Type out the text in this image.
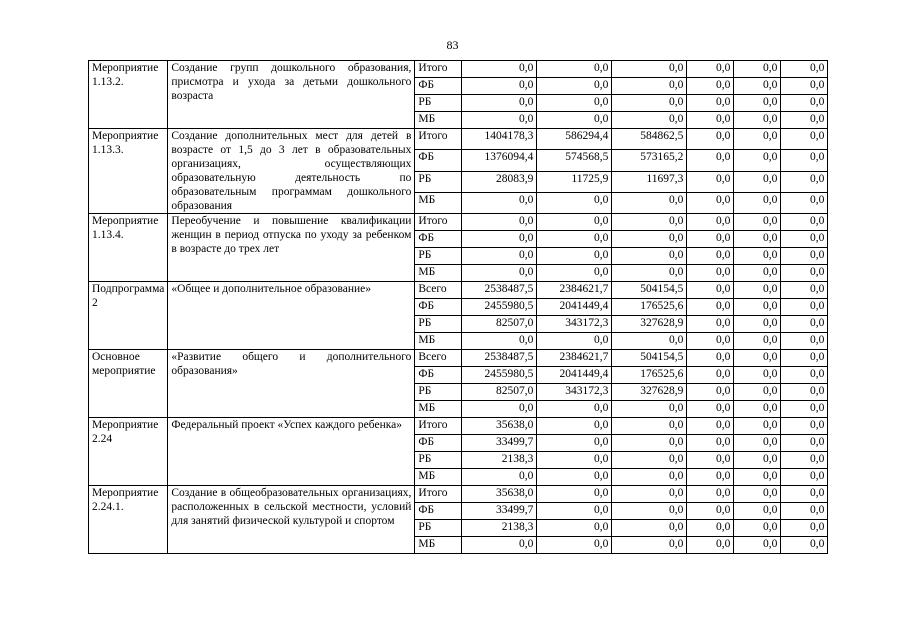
83
Мероприятие 1.13.2.	Создание групп дошкольного образования, присмотра и ухода за детьми дошкольного возраста	Итого	0,0	0,0	0,0	0,0	0,0	0,0
		ФБ	0,0	0,0	0,0	0,0	0,0	0,0
		РБ	0,0	0,0	0,0	0,0	0,0	0,0
		МБ	0,0	0,0	0,0	0,0	0,0	0,0
Мероприятие 1.13.3.	Создание дополнительных мест для детей в возрасте от 1,5 до 3 лет в образовательных организациях, осуществляющих образовательную деятельность по образовательным программам дошкольного образования	Итого	1404178,3	586294,4	584862,5	0,0	0,0	0,0
		ФБ	1376094,4	574568,5	573165,2	0,0	0,0	0,0
		РБ	28083,9	11725,9	11697,3	0,0	0,0	0,0
		МБ	0,0	0,0	0,0	0,0	0,0	0,0
Мероприятие 1.13.4.	Переобучение и повышение квалификации женщин в период отпуска по уходу за ребенком в возрасте до трех лет	Итого	0,0	0,0	0,0	0,0	0,0	0,0
		ФБ	0,0	0,0	0,0	0,0	0,0	0,0
		РБ	0,0	0,0	0,0	0,0	0,0	0,0
		МБ	0,0	0,0	0,0	0,0	0,0	0,0
Подпрограмма 2	«Общее и дополнительное образование»	Всего	2538487,5	2384621,7	504154,5	0,0	0,0	0,0
		ФБ	2455980,5	2041449,4	176525,6	0,0	0,0	0,0
		РБ	82507,0	343172,3	327628,9	0,0	0,0	0,0
		МБ	0,0	0,0	0,0	0,0	0,0	0,0
Основное мероприятие	«Развитие общего и дополнительного образования»	Всего	2538487,5	2384621,7	504154,5	0,0	0,0	0,0
		ФБ	2455980,5	2041449,4	176525,6	0,0	0,0	0,0
		РБ	82507,0	343172,3	327628,9	0,0	0,0	0,0
		МБ	0,0	0,0	0,0	0,0	0,0	0,0
Мероприятие 2.24	Федеральный проект «Успех каждого ребенка»	Итого	35638,0	0,0	0,0	0,0	0,0	0,0
		ФБ	33499,7	0,0	0,0	0,0	0,0	0,0
		РБ	2138,3	0,0	0,0	0,0	0,0	0,0
		МБ	0,0	0,0	0,0	0,0	0,0	0,0
Мероприятие 2.24.1.	Создание в общеобразовательных организациях, расположенных в сельской местности, условий для занятий физической культурой и спортом	Итого	35638,0	0,0	0,0	0,0	0,0	0,0
		ФБ	33499,7	0,0	0,0	0,0	0,0	0,0
		РБ	2138,3	0,0	0,0	0,0	0,0	0,0
		МБ	0,0	0,0	0,0	0,0	0,0	0,0
